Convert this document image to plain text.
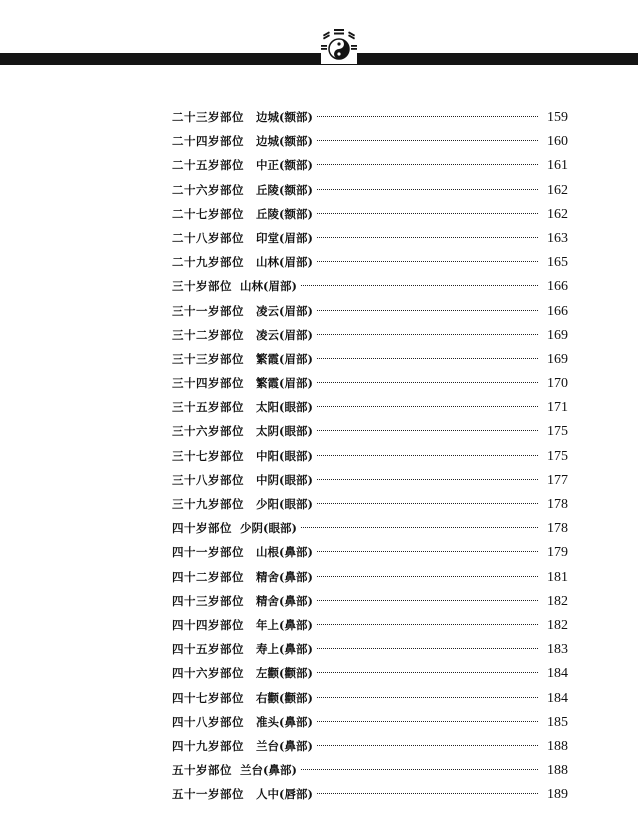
二十三岁部位 边城(额部)	159
二十四岁部位 边城(额部)	160
二十五岁部位 中正(额部)	161
二十六岁部位 丘陵(额部)	162
二十七岁部位 丘陵(额部)	162
二十八岁部位 印堂(眉部)	163
二十九岁部位 山林(眉部)	165
三十岁部位 山林(眉部)	166
三十一岁部位 凌云(眉部)	166
三十二岁部位 凌云(眉部)	169
三十三岁部位 繁霞(眉部)	169
三十四岁部位 繁霞(眉部)	170
三十五岁部位 太阳(眼部)	171
三十六岁部位 太阴(眼部)	175
三十七岁部位 中阳(眼部)	175
三十八岁部位 中阴(眼部)	177
三十九岁部位 少阳(眼部)	178
四十岁部位 少阴(眼部)	178
四十一岁部位 山根(鼻部)	179
四十二岁部位 精舍(鼻部)	181
四十三岁部位 精舍(鼻部)	182
四十四岁部位 年上(鼻部)	182
四十五岁部位 寿上(鼻部)	183
四十六岁部位 左颧(颧部)	184
四十七岁部位 右颧(颧部)	184
四十八岁部位 准头(鼻部)	185
四十九岁部位 兰台(鼻部)	188
五十岁部位 兰台(鼻部)	188
五十一岁部位 人中(唇部)	189
